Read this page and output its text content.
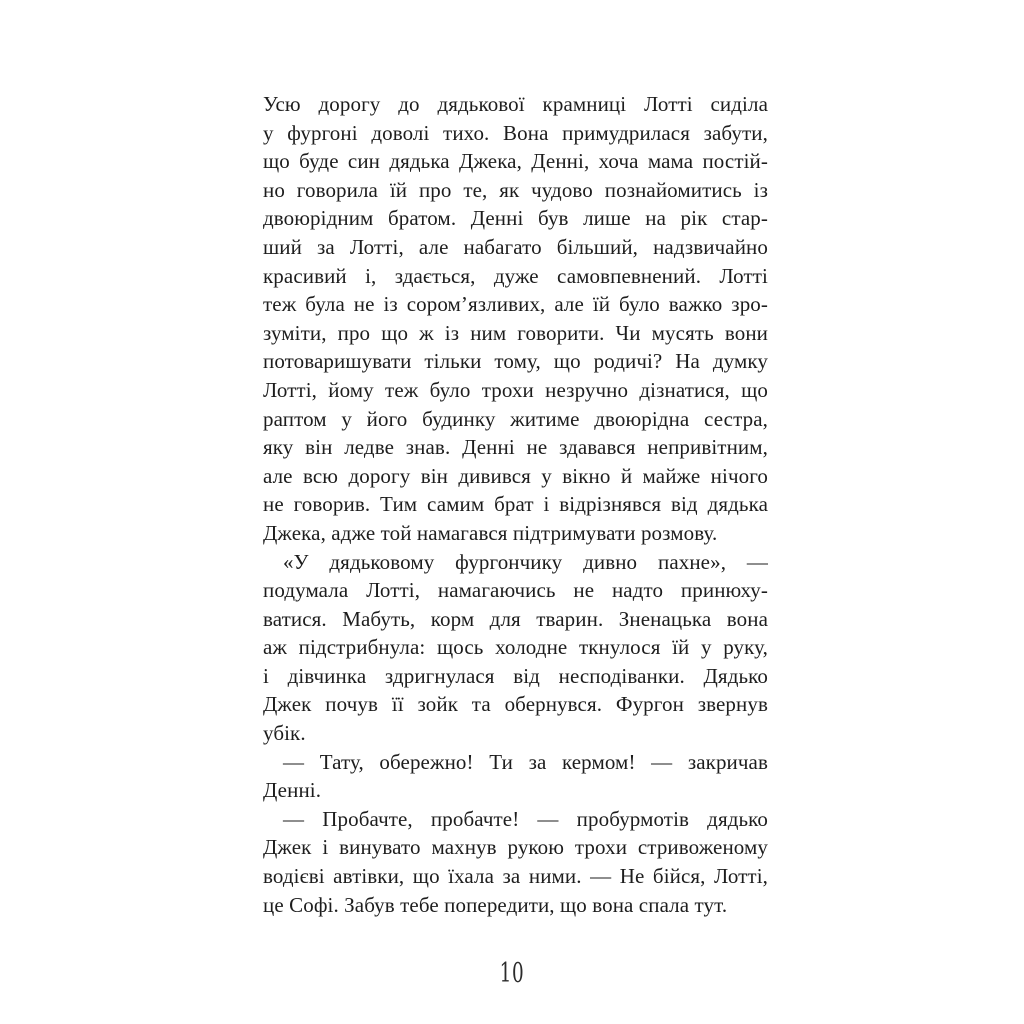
Усю дорогу до дядькової крамниці Лотті сиділа
у фургоні доволі тихо. Вона примудрилася забути,
що буде син дядька Джека, Денні, хоча мама постій-
но говорила їй про те, як чудово познайомитись із
двоюрідним братом. Денні був лише на рік стар-
ший за Лотті, але набагато більший, надзвичайно
красивий і, здається, дуже самовпевнений. Лотті
теж була не із сором’язливих, але їй було важко зро-
зуміти, про що ж із ним говорити. Чи мусять вони
потоваришувати тільки тому, що родичі? На думку
Лотті, йому теж було трохи незручно дізнатися, що
раптом у його будинку житиме двоюрідна сестра,
яку він ледве знав. Денні не здавався непривітним,
але всю дорогу він дивився у вікно й майже нічого
не говорив. Тим самим брат і відрізнявся від дядька
Джека, адже той намагався підтримувати розмову.
«У дядьковому фургончику дивно пахне», —
подумала Лотті, намагаючись не надто принюху-
ватися. Мабуть, корм для тварин. Зненацька вона
аж підстрибнула: щось холодне ткнулося їй у руку,
і дівчинка здригнулася від несподіванки. Дядько
Джек почув її зойк та обернувся. Фургон звернув
убік.
— Тату, обережно! Ти за кермом! — закричав
Денні.
— Пробачте, пробачте! — пробурмотів дядько
Джек і винувато махнув рукою трохи стривоженому
водієві автівки, що їхала за ними. — Не бійся, Лотті,
це Софі. Забув тебе попередити, що вона спала тут.
10
